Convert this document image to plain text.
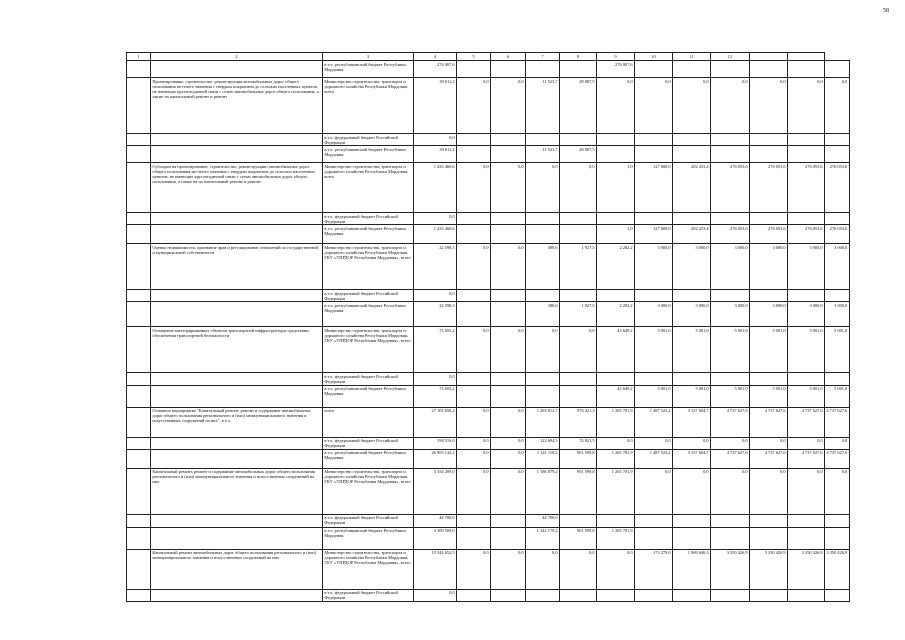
58
1	2	3	4	5	6	7	8	9	10	11	12			
		в т.ч. республиканский бюджет Республики Мордовия	276 907,6					276 907,6						
	Проектирование, строительство, реконструкция автомобильных дорог общего пользования местного значения с твердым покрытием до сельских населенных пунктов, не имеющих круглогодичной связи с сетью автомобильных дорог общего пользования, а также их капитальный ремонт и ремонт	Министерство строительства, транспорта и дорожного хозяйства Республики Мордовия, всего	39 611,2	0,0	0,0	11 523,7	28 087,5	0,0	0,0	0,0	0,0	0,0	0,0	0,0
		в т.ч. федеральный бюджет Российской Федерации	0,0											
		в т.ч. республиканский бюджет Республики Мордовия	39 611,2			11 523,7	28 087,5							
	Субсидии на проектирование, строительство, реконструкцию автомобильных дорог общего пользования местного значения с твердым покрытием до сельских населенных пунктов, не имеющих круглогодичной связи с сетью автомобильных дорог общего пользования, а также на их капитальный ремонт и ремонт	Министерство строительства, транспорта и дорожного хозяйства Республики Мордовия, всего	1 433 460,6	0,0	0,0	0,0	0,0	1,0	127 000,0	202 253,4	276 053,6	276 053,6	276 053,6	276 053,6
		в т.ч. федеральный бюджет Российской Федерации	0,0											
		в т.ч. республиканский бюджет Республики Мордовия	1 433 460,6					1,0	127 000,0	202 253,4	276 053,6	276 053,6	276 053,6	276 053,6
	Оценка недвижимости, признание прав и регулирование отношений по государственной и муниципальной собственности	Министерство строительства, транспорта и дорожного хозяйства Республики Мордовия, ГКУ «УПРДОР Республики Мордовия», всего	22 598,3	0,0	0,0	388,6	1 927,5	2 282,2	3 000,0	3 000,0	3 000,0	3 000,0	3 000,0	3 000,0
		в т.ч. федеральный бюджет Российской Федерации	0,0											
		в т.ч. республиканский бюджет Республики Мордовия	22 598,3			388,6	1 927,5	2 282,2	3 000,0	3 000,0	3 000,0	3 000,0	3 000,0	3 000,0
	Оснащение категорированных объектов транспортной инфраструктуры средствами обеспечения транспортной безопасности	Министерство строительства, транспорта и дорожного хозяйства Республики Мордовия, ГКУ «УПРДОР Республики Мордовия», всего	73 655,2	0,0	0,0	0,0	0,0	43 649,2	5 001,0	5 001,0	5 001,0	5 001,0	5 001,0	5 001,0
		в т.ч. федеральный бюджет Российской Федерации	0,0											
		в т.ч. республиканский бюджет Республики Мордовия	73 655,2					43 649,2	5 001,0	5 001,0	5 001,0	5 001,0	5 001,0	5 001,0
	Основное мероприятие "Капитальный ремонт, ремонт и содержание автомобильных дорог общего пользования регионального и (или) межмуниципального значения и искусственных сооружений на них", в т.ч.	всего	27 103 658,2	0,0	0,0	1 263 812,7	976 421,3	1 265 781,9	1 487 523,2	3 137 604,7	4 737 627,6	4 737 627,6	4 737 627,6	4 737 627,6
		в т.ч. федеральный бюджет Российской Федерации	198 516,0	0,0	0,0	122 694,5	74 821,5	0,0	0,0	0,0	0,0	0,0	0,0	0,0
		в т.ч. республиканский бюджет Республики Мордовия	26 905 142,2	0,0	0,0	1 141 118,2	901 599,8	1 265 781,9	1 487 523,2	3 137 604,7	4 737 627,6	4 737 627,6	4 737 627,6	4 737 627,6
	Капитальный ремонт, ремонт и содержание автомобильных дорог общего пользования регионального и (или) межмуниципального значения и искусственных сооружений на них	Министерство строительства, транспорта и дорожного хозяйства Республики Мордовия, ГКУ «УПРДОР Республики Мордовия», всего	3 354 209,0	0,0	0,0	1 186 879,2	901 599,8	1 265 781,9	0,0	0,0	0,0	0,0	0,0	0,0
		в т.ч. федеральный бюджет Российской Федерации	44 700,0			44 700,0								
		в т.ч. республиканский бюджет Республики Мордовия	3 309 509,0			1 142 179,2	901 599,8	1 265 781,9						
	Капитальный ремонт автомобильных дорог общего пользования регионального и (или) межмуниципального значения и искусственных сооружений на них	Министерство строительства, транспорта и дорожного хозяйства Республики Мордовия, ГКУ «УПРДОР Республики Мордовия», всего	15 544 652,5	0,0	0,0	0,0	0,0	0,0	173 279,0	1 969 646,3	3 350 426,9	3 350 426,9	3 350 426,9	3 350 426,9
		в т.ч. федеральный бюджет Российской Федерации	0,0											
